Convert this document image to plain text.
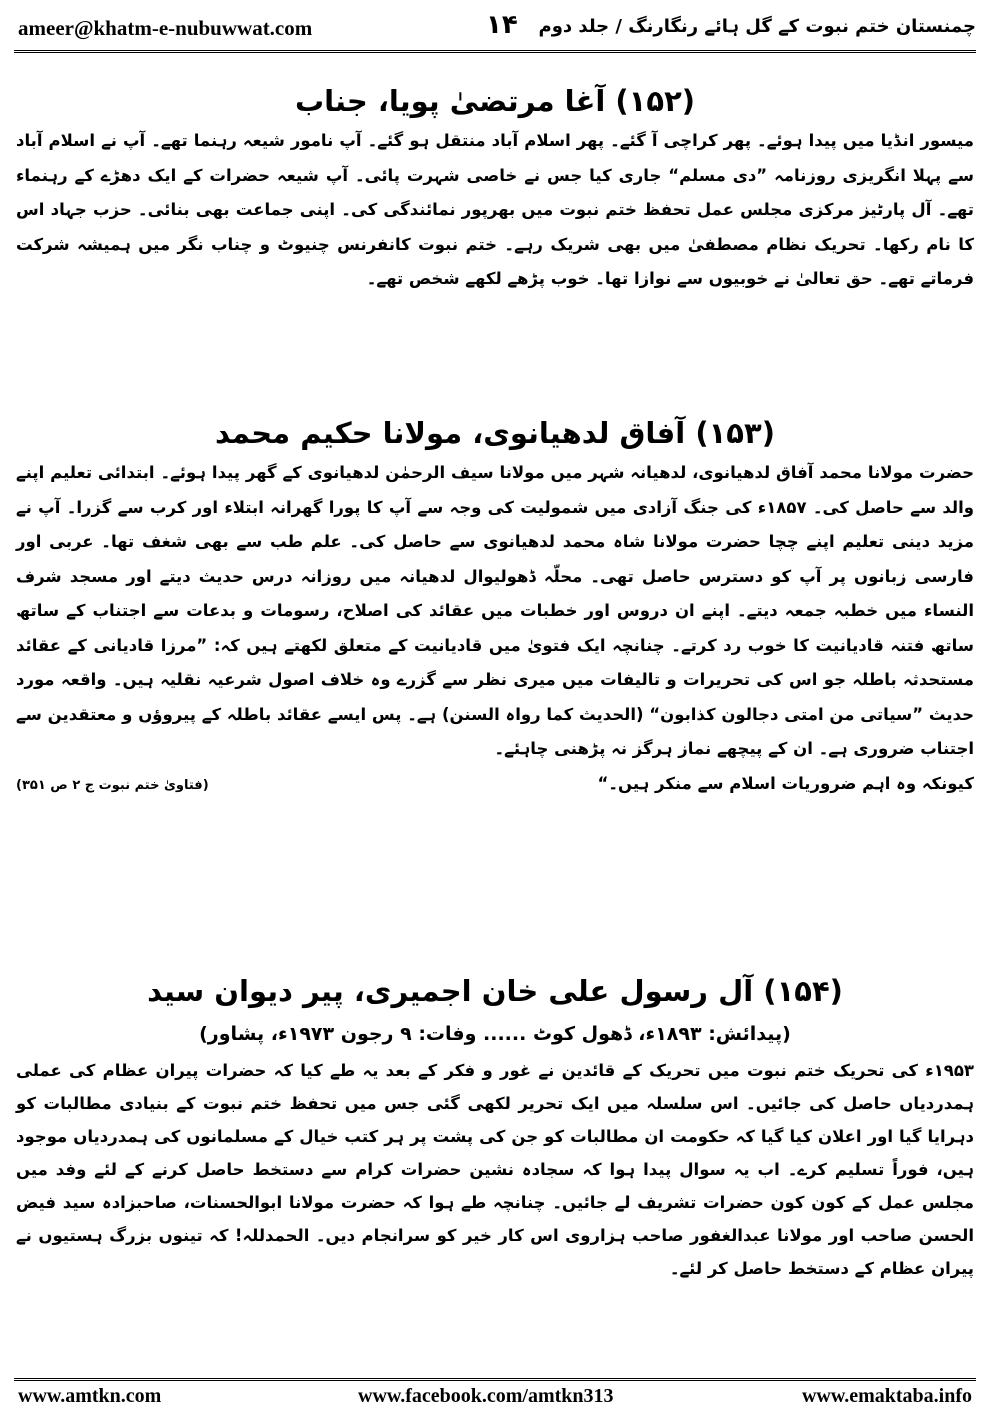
ameer@khatm-e-nubuwwat.com	۱۴ چمنستان ختم نبوت کے گل ہائے رنگارنگ / جلد دوم
(۱۵۲) آغا مرتضیٰ پویا، جناب

میسور انڈیا میں پیدا ہوئے۔ پھر کراچی آ گئے۔ پھر اسلام آباد منتقل ہو گئے۔ آپ نامور شیعہ رہنما تھے۔ آپ نے اسلام آباد سے پہلا انگریزی روزنامہ ”دی مسلم“ جاری کیا جس نے خاصی شہرت پائی۔ آپ شیعہ حضرات کے ایک دھڑے کے رہنماء تھے۔ آل پارٹیز مرکزی مجلس عمل تحفظ ختم نبوت میں بھرپور نمائندگی کی۔ اپنی جماعت بھی بنائی۔ حزب جہاد اس کا نام رکھا۔ تحریک نظام مصطفیٰ میں بھی شریک رہے۔ ختم نبوت کانفرنس چنیوٹ و چناب نگر میں ہمیشہ شرکت فرماتے تھے۔ حق تعالیٰ نے خوبیوں سے نوازا تھا۔ خوب پڑھے لکھے شخص تھے۔

(۱۵۳) آفاق لدھیانوی، مولانا حکیم محمد

حضرت مولانا محمد آفاق لدھیانوی، لدھیانہ شہر میں مولانا سیف الرحمٰن لدھیانوی کے گھر پیدا ہوئے۔ ابتدائی تعلیم اپنے والد سے حاصل کی۔ ۱۸۵۷ء کی جنگ آزادی میں شمولیت کی وجہ سے آپ کا پورا گھرانہ ابتلاء اور کرب سے گزرا۔ آپ نے مزید دینی تعلیم اپنے چچا حضرت مولانا شاہ محمد لدھیانوی سے حاصل کی۔ علم طب سے بھی شغف تھا۔ عربی اور فارسی زبانوں پر آپ کو دسترس حاصل تھی۔ محلّہ ڈھولیوال لدھیانہ میں روزانہ درس حدیث دیتے اور مسجد شرف النساء میں خطبہ جمعہ دیتے۔ اپنے ان دروس اور خطبات میں عقائد کی اصلاح، رسومات و بدعات سے اجتناب کے ساتھ ساتھ فتنہ قادیانیت کا خوب رد کرتے۔ چنانچہ ایک فتویٰ میں قادیانیت کے متعلق لکھتے ہیں کہ: ”مرزا قادیانی کے عقائد مستحدثہ باطلہ جو اس کی تحریرات و تالیفات میں میری نظر سے گزرے وہ خلاف اصول شرعیہ نقلیہ ہیں۔ واقعہ مورد حدیث ”سیاتی من امتی دجالون کذابون“ (الحدیث کما رواہ السنن) ہے۔ پس ایسے عقائد باطلہ کے پیروؤں و معتقدین سے اجتناب ضروری ہے۔ ان کے پیچھے نماز ہرگز نہ پڑھنی چاہئے۔

کیونکہ وہ اہم ضروریات اسلام سے منکر ہیں۔“
(فتاویٰ ختم نبوت ج ۲ ص ۳۵۱)
(۱۵۴) آل رسول علی خان اجمیری، پیر دیوان سید
(پیدائش: ۱۸۹۳ء، ڈھول کوٹ ...... وفات: ۹ رجون ۱۹۷۳ء، پشاور)

۱۹۵۳ء کی تحریک ختم نبوت میں تحریک کے قائدین نے غور و فکر کے بعد یہ طے کیا کہ حضرات پیران عظام کی عملی ہمدردیاں حاصل کی جائیں۔ اس سلسلہ میں ایک تحریر لکھی گئی جس میں تحفظ ختم نبوت کے بنیادی مطالبات کو دہرایا گیا اور اعلان کیا گیا کہ حکومت ان مطالبات کو جن کی پشت پر ہر کتب خیال کے مسلمانوں کی ہمدردیاں موجود ہیں، فوراً تسلیم کرے۔ اب یہ سوال پیدا ہوا کہ سجادہ نشین حضرات کرام سے دستخط حاصل کرنے کے لئے وفد میں مجلس عمل کے کون کون حضرات تشریف لے جائیں۔ چنانچہ طے ہوا کہ حضرت مولانا ابوالحسنات، صاحبزادہ سید فیض الحسن صاحب اور مولانا عبدالغفور صاحب ہزاروی اس کار خیر کو سرانجام دیں۔ الحمدللہ! کہ تینوں بزرگ ہستیوں نے پیران عظام کے دستخط حاصل کر لئے۔

www.amtkn.com	www.facebook.com/amtkn313	www.emaktaba.info
